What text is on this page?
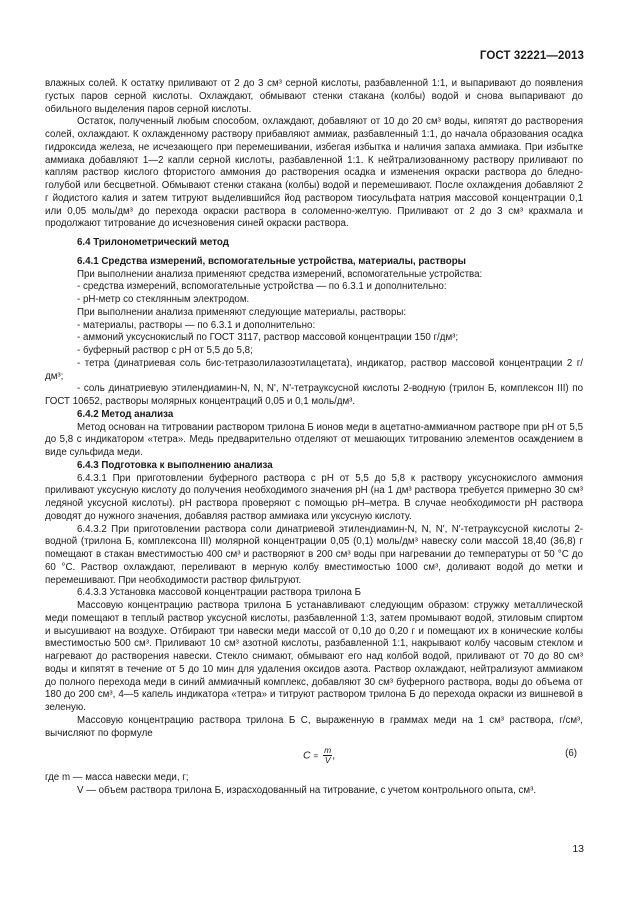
ГОСТ 32221—2013

влажных солей. К остатку приливают от 2 до 3 см³ серной кислоты, разбавленной 1:1, и выпаривают до появления густых паров серной кислоты. Охлаждают, обмывают стенки стакана (колбы) водой и снова выпаривают до обильного выделения паров серной кислоты.

Остаток, полученный любым способом, охлаждают, добавляют от 10 до 20 см³ воды, кипятят до растворения солей, охлаждают. К охлажденному раствору прибавляют аммиак, разбавленный 1:1, до начала образования осадка гидроксида железа, не исчезающего при перемешивании, избегая избытка и наличия запаха аммиака. При избытке аммиака добавляют 1—2 капли серной кислоты, разбавленной 1:1. К нейтрализованному раствору приливают по каплям раствор кислого фтористого аммония до растворения осадка и изменения окраски раствора до бледно-голубой или бесцветной. Обмывают стенки стакана (колбы) водой и перемешивают. После охлаждения добавляют 2 г йодистого калия и затем титруют выделившийся йод раствором тиосульфата натрия массовой концентрации 0,1 или 0,05 моль/дм³ до перехода окраски раствора в соломенно-желтую. Приливают от 2 до 3 см³ крахмала и продолжают титрование до исчезновения синей окраски раствора.

6.4 Трилонометрический метод

6.4.1 Средства измерений, вспомогательные устройства, материалы, растворы

При выполнении анализа применяют средства измерений, вспомогательные устройства:

- средства измерений, вспомогательные устройства — по 6.3.1 и дополнительно:

- pH-метр со стеклянным электродом.

При выполнении анализа применяют следующие материалы, растворы:

- материалы, растворы — по 6.3.1 и дополнительно:

- аммоний уксуснокислый по ГОСТ 3117, раствор массовой концентрации 150 г/дм³;

- буферный раствор с pH от 5,5 до 5,8;

- тетра (динатриевая соль бис-тетразолилазоэтилацетата), индикатор, раствор массовой концентрации 2 г/дм³;

- соль динатриевую этилендиамин-N, N, N', N'-тетрауксусной кислоты 2-водную (трилон Б, комплексон III) по ГОСТ 10652, растворы молярных концентраций 0,05 и 0,1 моль/дм³.

6.4.2 Метод анализа

Метод основан на титровании раствором трилона Б ионов меди в ацетатно-аммиачном растворе при pH от 5,5 до 5,8 с индикатором «тетра». Медь предварительно отделяют от мешающих титрованию элементов осаждением в виде сульфида меди.

6.4.3 Подготовка к выполнению анализа

6.4.3.1 При приготовлении буферного раствора с pH от 5,5 до 5,8 к раствору уксуснокислого аммония приливают уксусную кислоту до получения необходимого значения pH (на 1 дм³ раствора требуется примерно 30 см³ ледяной уксусной кислоты). pH раствора проверяют с помощью pH–метра. В случае необходимости pH раствора доводят до нужного значения, добавляя раствор аммиака или уксусную кислоту.

6.4.3.2 При приготовлении раствора соли динатриевой этилендиамин-N, N, N', N'-тетрауксусной кислоты 2-водной (трилона Б, комплексона III) молярной концентрации 0,05 (0,1) моль/дм³ навеску соли массой 18,40 (36,8) г помещают в стакан вместимостью 400 см³ и растворяют в 200 см³ воды при нагревании до температуры от 50 °С до 60 °С. Раствор охлаждают, переливают в мерную колбу вместимостью 1000 см³, доливают водой до метки и перемешивают. При необходимости раствор фильтруют.

6.4.3.3 Установка массовой концентрации раствора трилона Б

Массовую концентрацию раствора трилона Б устанавливают следующим образом: стружку металлической меди помещают в теплый раствор уксусной кислоты, разбавленной 1:3, затем промывают водой, этиловым спиртом и высушивают на воздухе. Отбирают три навески меди массой от 0,10 до 0,20 г и помещают их в конические колбы вместимостью 500 см³. Приливают 10 см³ азотной кислоты, разбавленной 1:1, накрывают колбу часовым стеклом и нагревают до растворения навески. Стекло снимают, обмывают его над колбой водой, приливают от 70 до 80 см³ воды и кипятят в течение от 5 до 10 мин для удаления оксидов азота. Раствор охлаждают, нейтрализуют аммиаком до полного перехода меди в синий аммиачный комплекс, добавляют 30 см³ буферного раствора, воды до объема от 180 до 200 см³, 4—5 капель индикатора «тетра» и титруют раствором трилона Б до перехода окраски из вишневой в зеленую.

Массовую концентрацию раствора трилона Б С, выраженную в граммах меди на 1 см³ раствора, г/см³, вычисляют по формуле

$C = \frac{m}{V}$ ,	(6)

где m — масса навески меди, г;

V — объем раствора трилона Б, израсходованный на титрование, с учетом контрольного опыта, см³.

13
